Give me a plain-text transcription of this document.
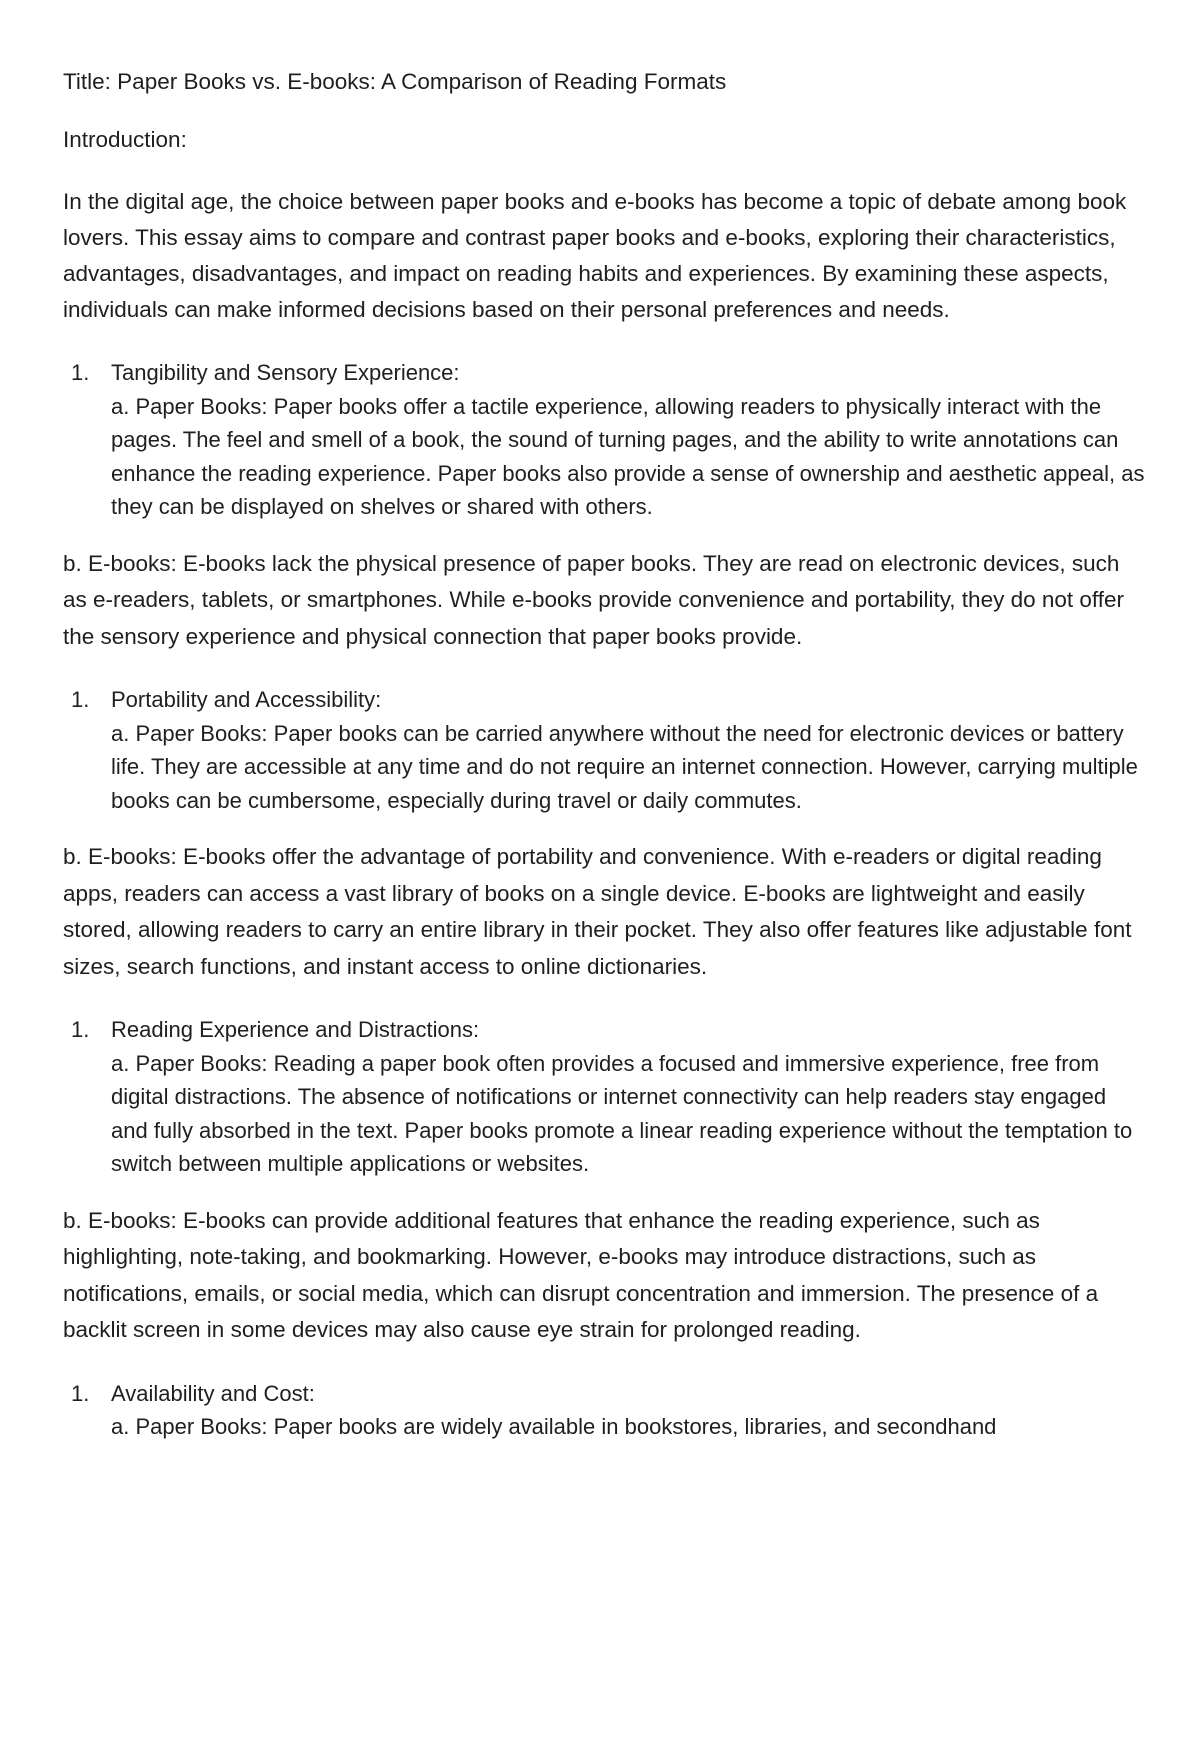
Title: Paper Books vs. E-books: A Comparison of Reading Formats

Introduction:

In the digital age, the choice between paper books and e-books has become a topic of debate among book lovers. This essay aims to compare and contrast paper books and e-books, exploring their characteristics, advantages, disadvantages, and impact on reading habits and experiences. By examining these aspects, individuals can make informed decisions based on their personal preferences and needs.

1. Tangibility and Sensory Experience:

a. Paper Books: Paper books offer a tactile experience, allowing readers to physically interact with the pages. The feel and smell of a book, the sound of turning pages, and the ability to write annotations can enhance the reading experience. Paper books also provide a sense of ownership and aesthetic appeal, as they can be displayed on shelves or shared with others.

b. E-books: E-books lack the physical presence of paper books. They are read on electronic devices, such as e-readers, tablets, or smartphones. While e-books provide convenience and portability, they do not offer the sensory experience and physical connection that paper books provide.

1. Portability and Accessibility:

a. Paper Books: Paper books can be carried anywhere without the need for electronic devices or battery life. They are accessible at any time and do not require an internet connection. However, carrying multiple books can be cumbersome, especially during travel or daily commutes.

b. E-books: E-books offer the advantage of portability and convenience. With e-readers or digital reading apps, readers can access a vast library of books on a single device. E-books are lightweight and easily stored, allowing readers to carry an entire library in their pocket. They also offer features like adjustable font sizes, search functions, and instant access to online dictionaries.

1. Reading Experience and Distractions:

a. Paper Books: Reading a paper book often provides a focused and immersive experience, free from digital distractions. The absence of notifications or internet connectivity can help readers stay engaged and fully absorbed in the text. Paper books promote a linear reading experience without the temptation to switch between multiple applications or websites.

b. E-books: E-books can provide additional features that enhance the reading experience, such as highlighting, note-taking, and bookmarking. However, e-books may introduce distractions, such as notifications, emails, or social media, which can disrupt concentration and immersion. The presence of a backlit screen in some devices may also cause eye strain for prolonged reading.

1. Availability and Cost:

a. Paper Books: Paper books are widely available in bookstores, libraries, and secondhand
